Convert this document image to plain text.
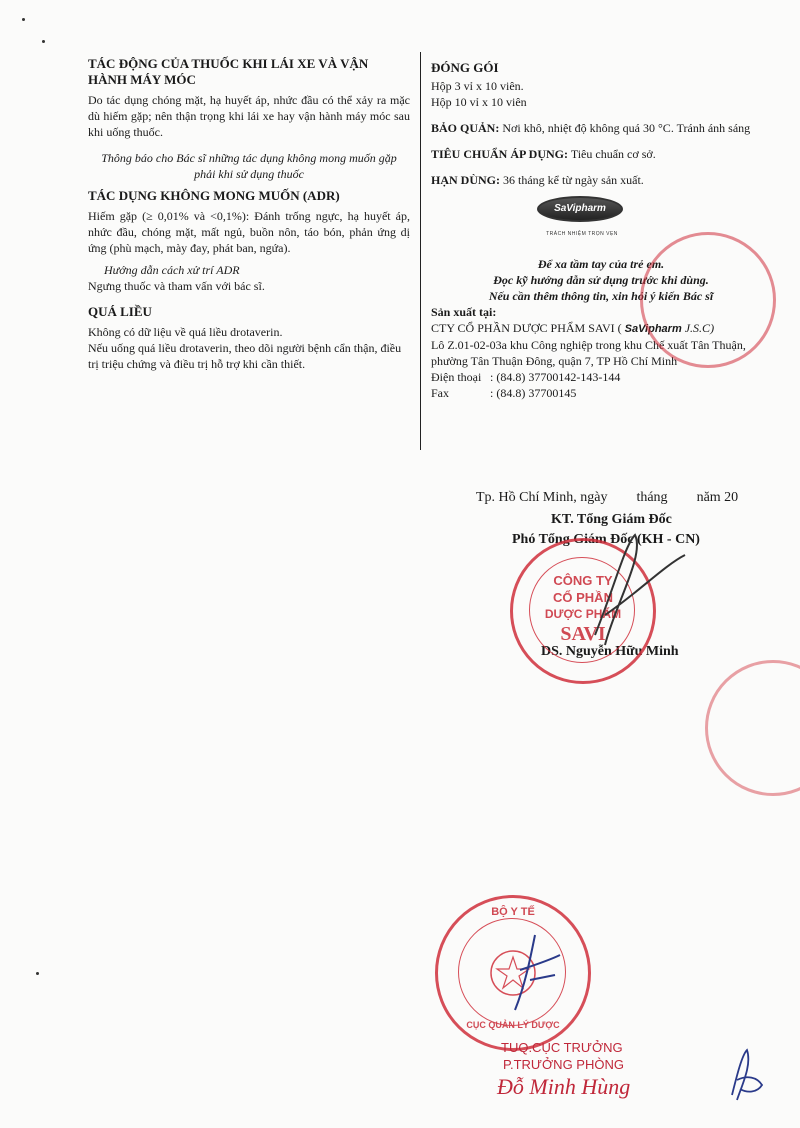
TÁC ĐỘNG CỦA THUỐC KHI LÁI XE VÀ VẬN HÀNH MÁY MÓC

Do tác dụng chóng mặt, hạ huyết áp, nhức đầu có thể xảy ra mặc dù hiếm gặp; nên thận trọng khi lái xe hay vận hành máy móc sau khi uống thuốc.

Thông báo cho Bác sĩ những tác dụng không mong muốn gặp phải khi sử dụng thuốc

TÁC DỤNG KHÔNG MONG MUỐN (ADR)

Hiếm gặp (≥ 0,01% và <0,1%): Đánh trống ngực, hạ huyết áp, nhức đầu, chóng mặt, mất ngủ, buồn nôn, táo bón, phản ứng dị ứng (phù mạch, mày đay, phát ban, ngứa).

Hướng dẫn cách xử trí ADR

Ngưng thuốc và tham vấn với bác sĩ.

QUÁ LIỀU

Không có dữ liệu về quá liều drotaverin.

Nếu uống quá liều drotaverin, theo dõi người bệnh cẩn thận, điều trị triệu chứng và điều trị hỗ trợ khi cần thiết.

ĐÓNG GÓI

Hộp 3 vỉ x 10 viên.

Hộp 10 vỉ x 10 viên

BẢO QUẢN: Nơi khô, nhiệt độ không quá 30 °C. Tránh ánh sáng

TIÊU CHUẨN ÁP DỤNG: Tiêu chuẩn cơ sở.

HẠN DÙNG: 36 tháng kể từ ngày sản xuất.

SaVipharm
TRÁCH NHIỆM TRỌN VẸN

Để xa tầm tay của trẻ em.

Đọc kỹ hướng dẫn sử dụng trước khi dùng.

Nếu cần thêm thông tin, xin hỏi ý kiến Bác sĩ

Sản xuất tại:

CTY CỔ PHẦN DƯỢC PHẨM SAVI ( SaVipharm J.S.C)

Lô Z.01-02-03a khu Công nghiệp trong khu Chế xuất Tân Thuận, phường Tân Thuận Đông, quận 7, TP Hồ Chí Minh

Điện thoại : (84.8) 37700142-143-144

Fax	: (84.8) 37700145

Tp. Hồ Chí Minh, ngày tháng năm 20
KT. Tổng Giám Đốc
Phó Tổng Giám Đốc (KH - CN)
DS. Nguyễn Hữu Minh
CÔNG TY
CỔ PHẦN
DƯỢC PHẨM
SAVI
BỘ Y TẾ
CỤC QUẢN LÝ DƯỢC
TUQ.CỤC TRƯỞNG
P.TRƯỞNG PHÒNG
Đỗ Minh Hùng
